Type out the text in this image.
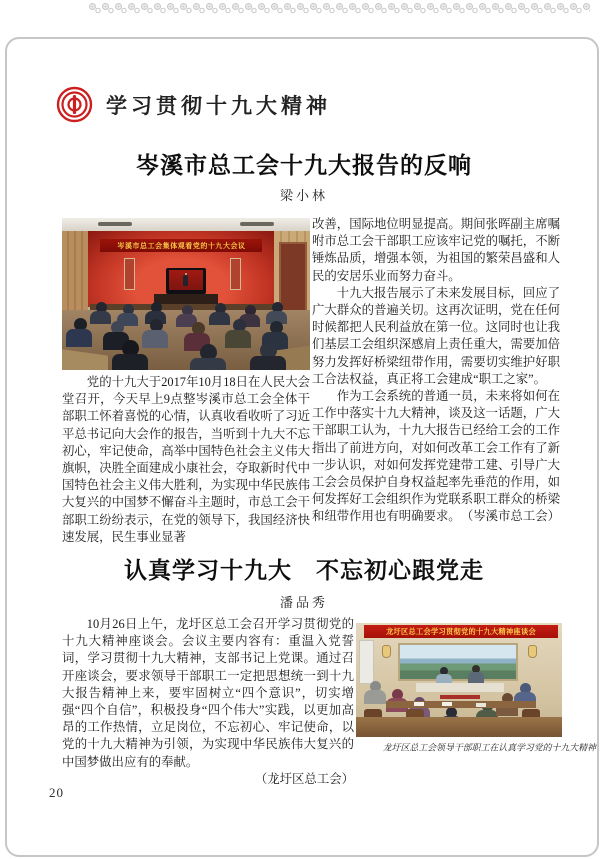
学习贯彻十九大精神
岑溪市总工会十九大报告的反响
梁小林
岑溪市总工会集体观看党的十九大会议

党的十九大于2017年10月18日在人民大会堂召开，今天早上9点整岑溪市总工会全体干部职工怀着喜悦的心情，认真收看收听了习近平总书记向大会作的报告，当听到十九大不忘初心，牢记使命，高举中国特色社会主义伟大旗帜，决胜全面建成小康社会，夺取新时代中国特色社会主义伟大胜利，为实现中华民族伟大复兴的中国梦不懈奋斗主题时，市总工会干部职工纷纷表示，在党的领导下，我国经济快速发展，民生事业显著

改善，国际地位明显提高。期间张晖副主席嘱咐市总工会干部职工应该牢记党的嘱托，不断锤炼品质，增强本领，为祖国的繁荣昌盛和人民的安居乐业而努力奋斗。

十九大报告展示了未来发展目标，回应了广大群众的普遍关切。这再次证明，党在任何时候都把人民利益放在第一位。这同时也让我们基层工会组织深感肩上责任重大，需要加倍努力发挥好桥梁纽带作用，需要切实维护好职工合法权益，真正将工会建成“职工之家”。

作为工会系统的普通一员，未来将如何在工作中落实十九大精神，谈及这一话题，广大干部职工认为，十九大报告已经给工会的工作指出了前进方向，对如何改革工会工作有了新一步认识，对如何发挥党建带工建、引导广大工会会员保护自身权益起率先垂范的作用，如何发挥好工会组织作为党联系职工群众的桥梁和纽带作用也有明确要求。 （岑溪市总工会）

认真学习十九大　不忘初心跟党走
潘品秀

10月26日上午，龙圩区总工会召开学习贯彻党的十九大精神座谈会。会议主要内容有：重温入党誓词，学习贯彻十九大精神，支部书记上党课。通过召开座谈会，要求领导干部职工一定把思想统一到十九大报告精神上来，要牢固树立“四个意识”，切实增强“四个自信”，积极投身“四个伟大”实践，以更加高昂的工作热情，立足岗位，不忘初心、牢记使命，以党的十九大精神为引领，为实现中华民族伟大复兴的中国梦做出应有的奉献。

（龙圩区总工会）

龙圩区总工会学习贯彻党的十九大精神座谈会
龙圩区总工会领导干部职工在认真学习党的十九大精神
20
